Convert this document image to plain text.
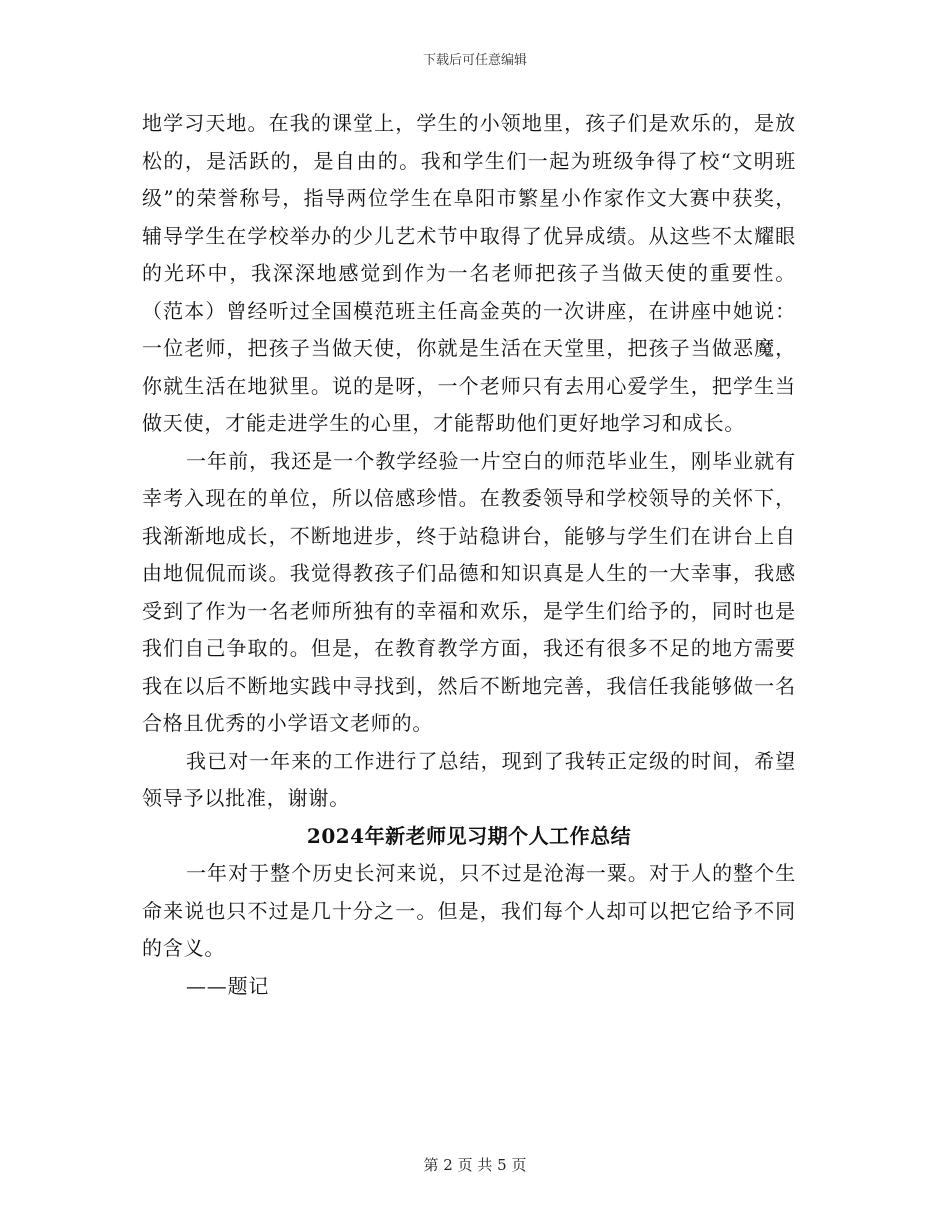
下载后可任意编辑

地学习天地。在我的课堂上，学生的小领地里，孩子们是欢乐的，是放松的，是活跃的，是自由的。我和学生们一起为班级争得了校“文明班级”的荣誉称号，指导两位学生在阜阳市繁星小作家作文大赛中获奖，辅导学生在学校举办的少儿艺术节中取得了优异成绩。从这些不太耀眼的光环中，我深深地感觉到作为一名老师把孩子当做天使的重要性。（范本）曾经听过全国模范班主任高金英的一次讲座，在讲座中她说：一位老师，把孩子当做天使，你就是生活在天堂里，把孩子当做恶魔，你就生活在地狱里。说的是呀，一个老师只有去用心爱学生，把学生当做天使，才能走进学生的心里，才能帮助他们更好地学习和成长。

一年前，我还是一个教学经验一片空白的师范毕业生，刚毕业就有幸考入现在的单位，所以倍感珍惜。在教委领导和学校领导的关怀下，我渐渐地成长，不断地进步，终于站稳讲台，能够与学生们在讲台上自由地侃侃而谈。我觉得教孩子们品德和知识真是人生的一大幸事，我感受到了作为一名老师所独有的幸福和欢乐，是学生们给予的，同时也是我们自己争取的。但是，在教育教学方面，我还有很多不足的地方需要我在以后不断地实践中寻找到，然后不断地完善，我信任我能够做一名合格且优秀的小学语文老师的。

我已对一年来的工作进行了总结，现到了我转正定级的时间，希望领导予以批准，谢谢。

2024年新老师见习期个人工作总结

一年对于整个历史长河来说，只不过是沧海一粟。对于人的整个生命来说也只不过是几十分之一。但是，我们每个人却可以把它给予不同的含义。

——题记

第 2 页 共 5 页
